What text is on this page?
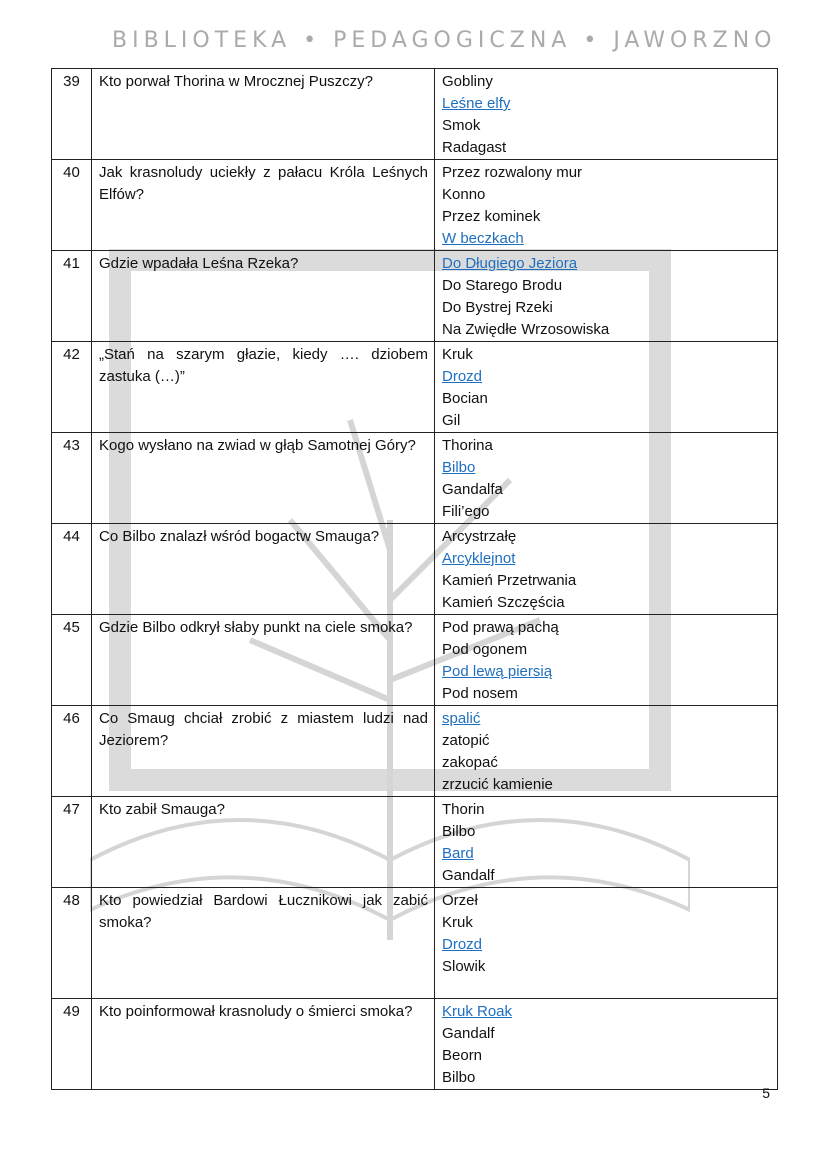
BIBLIOTEKA • PEDAGOGICZNA • JAWORZNO
39	Kto porwał Thorina w Mrocznej Puszczy?	Gobliny
Leśne elfy
Smok
Radagast

40	Jak krasnoludy uciekły z pałacu Króla Leśnych Elfów?	Przez rozwalony mur
Konno
Przez kominek
W beczkach

41	Gdzie wpadała Leśna Rzeka?	Do Długiego Jeziora
Do Starego Brodu
Do Bystrej Rzeki
Na Zwiędłe Wrzosowiska

42	„Stań na szarym głazie, kiedy …. dziobem zastuka (…)”	Kruk
Drozd
Bocian
Gil

43	Kogo wysłano na zwiad w głąb Samotnej Góry?	Thorina
Bilbo
Gandalfa
Fili’ego

44	Co Bilbo znalazł wśród bogactw Smauga?	Arcystrzałę
Arcyklejnot
Kamień Przetrwania
Kamień Szczęścia

45	Gdzie Bilbo odkrył słaby punkt na ciele smoka?	Pod prawą pachą
Pod ogonem
Pod lewą piersią
Pod nosem

46	Co Smaug chciał zrobić z miastem ludzi nad Jeziorem?	spalić
zatopić
zakopać
zrzucić kamienie

47	Kto zabił Smauga?	Thorin
Bilbo
Bard
Gandalf

48	Kto powiedział Bardowi Łucznikowi jak zabić smoka?	Orzeł
Kruk
Drozd
Slowik

49	Kto poinformował krasnoludy o śmierci smoka?	Kruk Roak
Gandalf
Beorn
Bilbo
5
